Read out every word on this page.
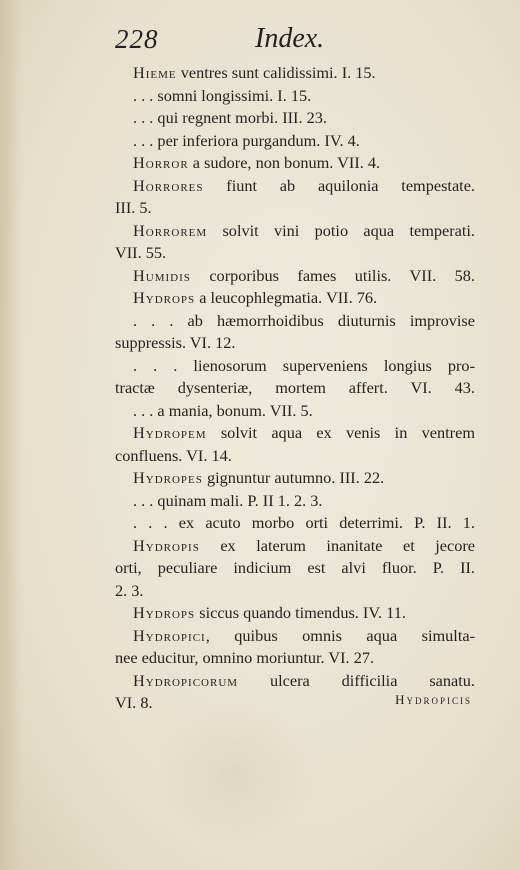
228	Index.
Hieme ventres sunt calidissimi. I. 15.
. . . somni longissimi. I. 15.
. . . qui regnent morbi. III. 23.
. . . per inferiora purgandum. IV. 4.
Horror a sudore, non bonum. VII. 4.
Horrores fiunt ab aquilonia tempestate.
III. 5.
Horrorem solvit vini potio aqua temperati.
VII. 55.
Humidis corporibus fames utilis. VII. 58.
Hydrops a leucophlegmatia. VII. 76.
. . . ab hæmorrhoidibus diuturnis improvise
suppressis. VI. 12.
. . . lienosorum superveniens longius pro-
tractæ dysenteriæ, mortem affert. VI. 43.
. . . a mania, bonum. VII. 5.
Hydropem solvit aqua ex venis in ventrem
confluens. VI. 14.
Hydropes gignuntur autumno. III. 22.
. . . quinam mali. P. II 1. 2. 3.
. . . ex acuto morbo orti deterrimi. P. II. 1.
Hydropis ex laterum inanitate et jecore
orti, peculiare indicium est alvi fluor. P. II.
2. 3.
Hydrops siccus quando timendus. IV. 11.
Hydropici, quibus omnis aqua simulta-
nee educitur, omnino moriuntur. VI. 27.
Hydropicorum ulcera difficilia sanatu.
VI. 8.	Hydropicis
